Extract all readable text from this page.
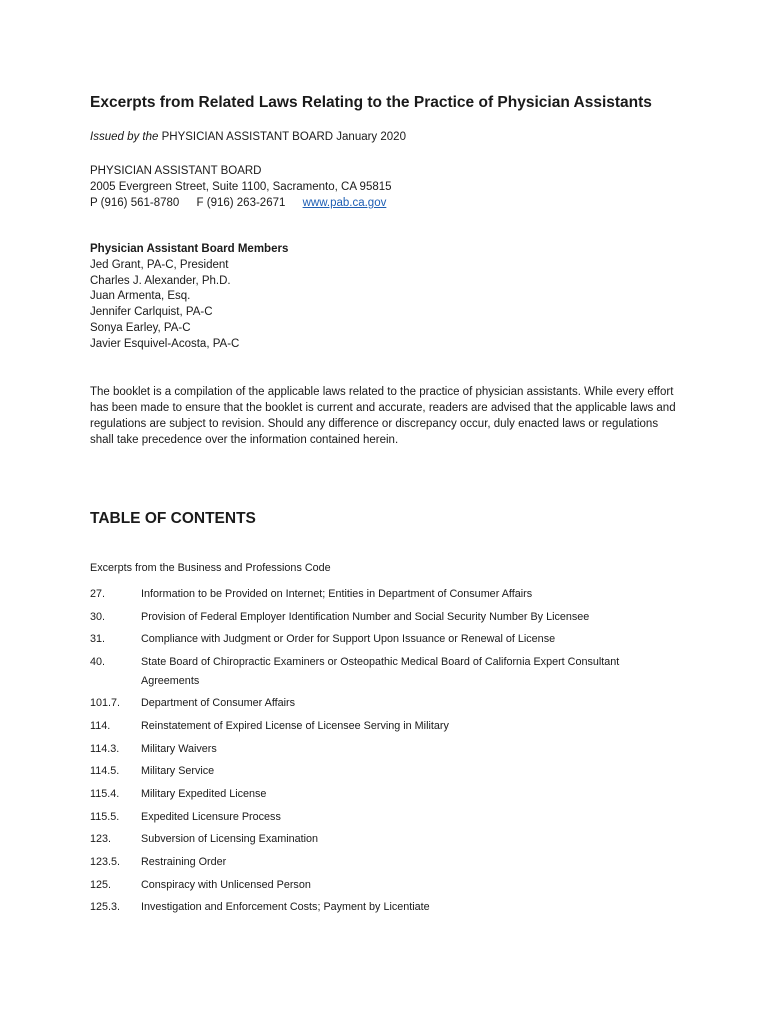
Excerpts from Related Laws Relating to the Practice of Physician Assistants
Issued by the PHYSICIAN ASSISTANT BOARD January 2020
PHYSICIAN ASSISTANT BOARD
2005 Evergreen Street, Suite 1100, Sacramento, CA 95815
P (916) 561-8780 F (916) 263-2671 www.pab.ca.gov
Physician Assistant Board Members
Jed Grant, PA-C, President
Charles J. Alexander, Ph.D.
Juan Armenta, Esq.
Jennifer Carlquist, PA-C
Sonya Earley, PA-C
Javier Esquivel-Acosta, PA-C

The booklet is a compilation of the applicable laws related to the practice of physician assistants. While every effort has been made to ensure that the booklet is current and accurate, readers are advised that the applicable laws and regulations are subject to revision. Should any difference or discrepancy occur, duly enacted laws or regulations shall take precedence over the information contained herein.

TABLE OF CONTENTS
Excerpts from the Business and Professions Code
27.	Information to be Provided on Internet; Entities in Department of Consumer Affairs
30.	Provision of Federal Employer Identification Number and Social Security Number By Licensee
31.	Compliance with Judgment or Order for Support Upon Issuance or Renewal of License
40.	State Board of Chiropractic Examiners or Osteopathic Medical Board of California Expert Consultant Agreements
101.7.	Department of Consumer Affairs
114.	Reinstatement of Expired License of Licensee Serving in Military
114.3.	Military Waivers
114.5.	Military Service
115.4.	Military Expedited License
115.5.	Expedited Licensure Process
123.	Subversion of Licensing Examination
123.5.	Restraining Order
125.	Conspiracy with Unlicensed Person
125.3.	Investigation and Enforcement Costs; Payment by Licentiate
